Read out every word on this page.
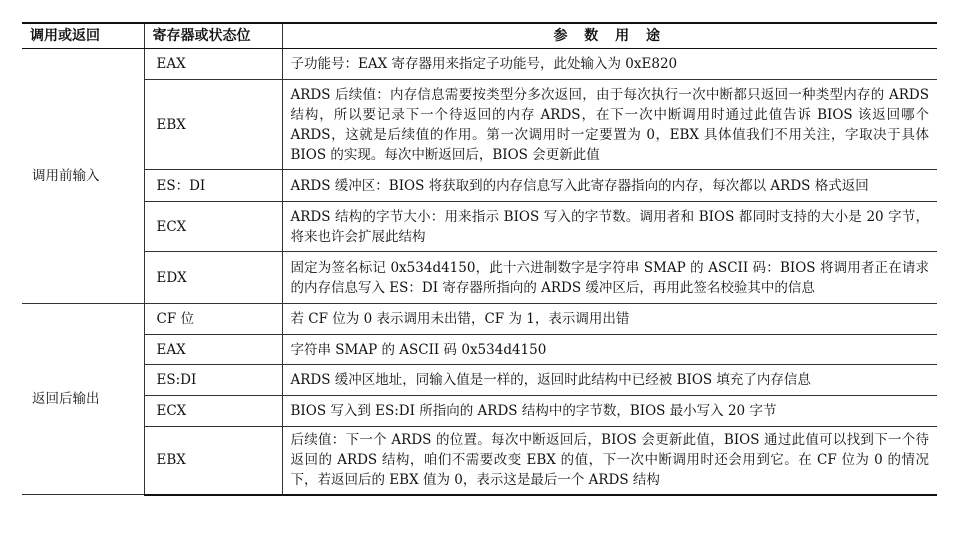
调用或返回	寄存器或状态位	参 数 用 途
调用前输入	EAX	子功能号：EAX 寄存器用来指定子功能号，此处输入为 0xE820
	EBX	ARDS 后续值：内存信息需要按类型分多次返回，由于每次执行一次中断都只返回一种类型内存的 ARDS 结构，所以要记录下一个待返回的内存 ARDS，在下一次中断调用时通过此值告诉 BIOS 该返回哪个 ARDS，这就是后续值的作用。第一次调用时一定要置为 0，EBX 具体值我们不用关注，字取决于具体 BIOS 的实现。每次中断返回后，BIOS 会更新此值
	ES：DI	ARDS 缓冲区：BIOS 将获取到的内存信息写入此寄存器指向的内存，每次都以 ARDS 格式返回
	ECX	ARDS 结构的字节大小：用来指示 BIOS 写入的字节数。调用者和 BIOS 都同时支持的大小是 20 字节，将来也许会扩展此结构
	EDX	固定为签名标记 0x534d4150，此十六进制数字是字符串 SMAP 的 ASCII 码：BIOS 将调用者正在请求的内存信息写入 ES：DI 寄存器所指向的 ARDS 缓冲区后，再用此签名校验其中的信息
返回后输出	CF 位	若 CF 位为 0 表示调用未出错，CF 为 1，表示调用出错
	EAX	字符串 SMAP 的 ASCII 码 0x534d4150
	ES:DI	ARDS 缓冲区地址，同输入值是一样的，返回时此结构中已经被 BIOS 填充了内存信息
	ECX	BIOS 写入到 ES:DI 所指向的 ARDS 结构中的字节数，BIOS 最小写入 20 字节
	EBX	后续值：下一个 ARDS 的位置。每次中断返回后，BIOS 会更新此值，BIOS 通过此值可以找到下一个待返回的 ARDS 结构，咱们不需要改变 EBX 的值，下一次中断调用时还会用到它。在 CF 位为 0 的情况下，若返回后的 EBX 值为 0，表示这是最后一个 ARDS 结构
